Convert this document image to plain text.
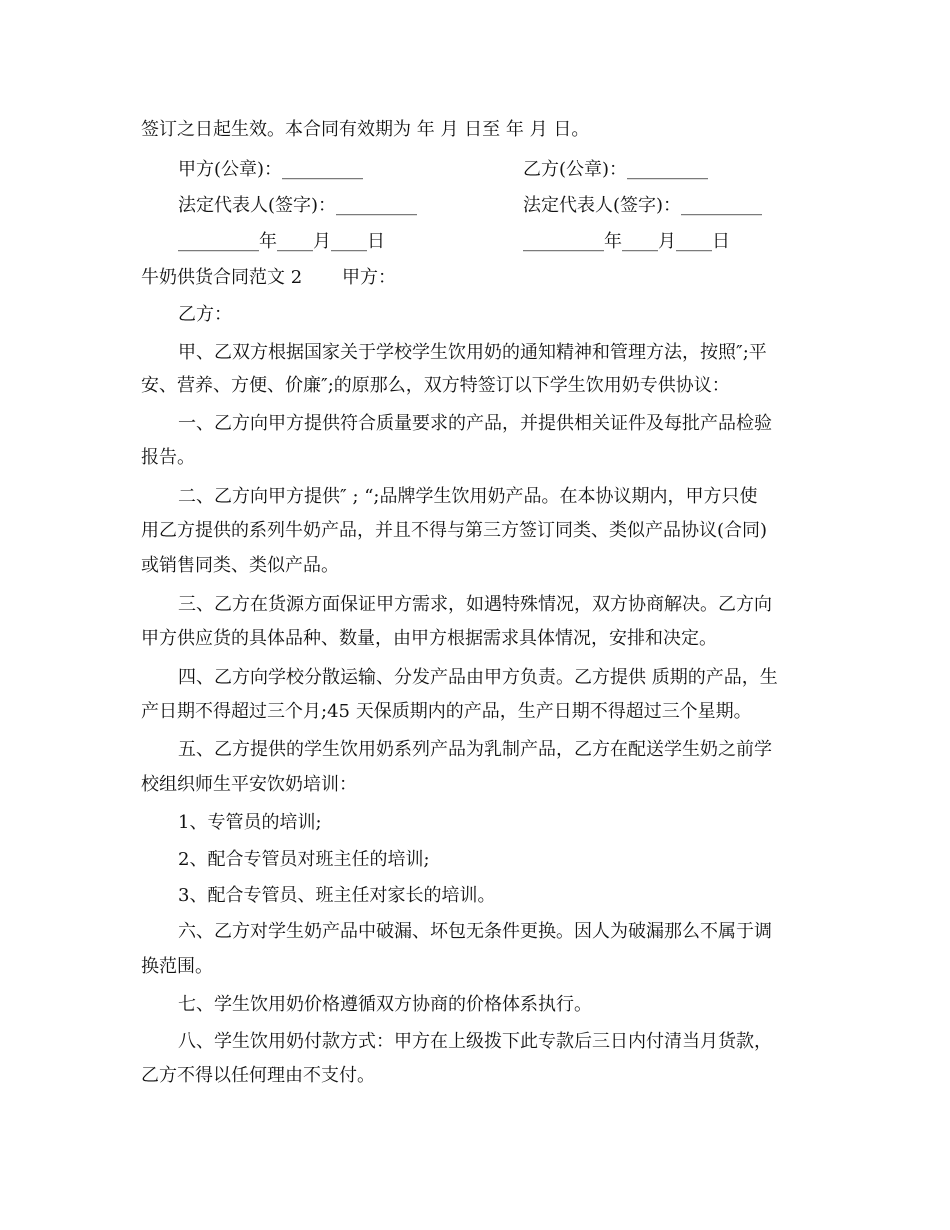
签订之日起生效。本合同有效期为 年 月 日至 年 月 日。
甲方(公章)：_________	乙方(公章)：_________
法定代表人(签字)：_________	法定代表人(签字)：_________
_________年____月____日	_________年____月____日
牛奶供货合同范文 2 甲方：
乙方：
甲、乙双方根据国家关于学校学生饮用奶的通知精神和管理方法，按照″;平
安、营养、方便、价廉″;的原那么，双方特签订以下学生饮用奶专供协议：
一、乙方向甲方提供符合质量要求的产品，并提供相关证件及每批产品检验
报告。
二、乙方向甲方提供″ ; “;品牌学生饮用奶产品。在本协议期内，甲方只使
用乙方提供的系列牛奶产品，并且不得与第三方签订同类、类似产品协议(合同)
或销售同类、类似产品。
三、乙方在货源方面保证甲方需求，如遇特殊情况，双方协商解决。乙方向
甲方供应货的具体品种、数量，由甲方根据需求具体情况，安排和决定。
四、乙方向学校分散运输、分发产品由甲方负责。乙方提供 质期的产品，生
产日期不得超过三个月;45 天保质期内的产品，生产日期不得超过三个星期。
五、乙方提供的学生饮用奶系列产品为乳制产品，乙方在配送学生奶之前学
校组织师生平安饮奶培训：
1、专管员的培训;
2、配合专管员对班主任的培训;
3、配合专管员、班主任对家长的培训。
六、乙方对学生奶产品中破漏、坏包无条件更换。因人为破漏那么不属于调
换范围。
七、学生饮用奶价格遵循双方协商的价格体系执行。
八、学生饮用奶付款方式：甲方在上级拨下此专款后三日内付清当月货款，
乙方不得以任何理由不支付。
